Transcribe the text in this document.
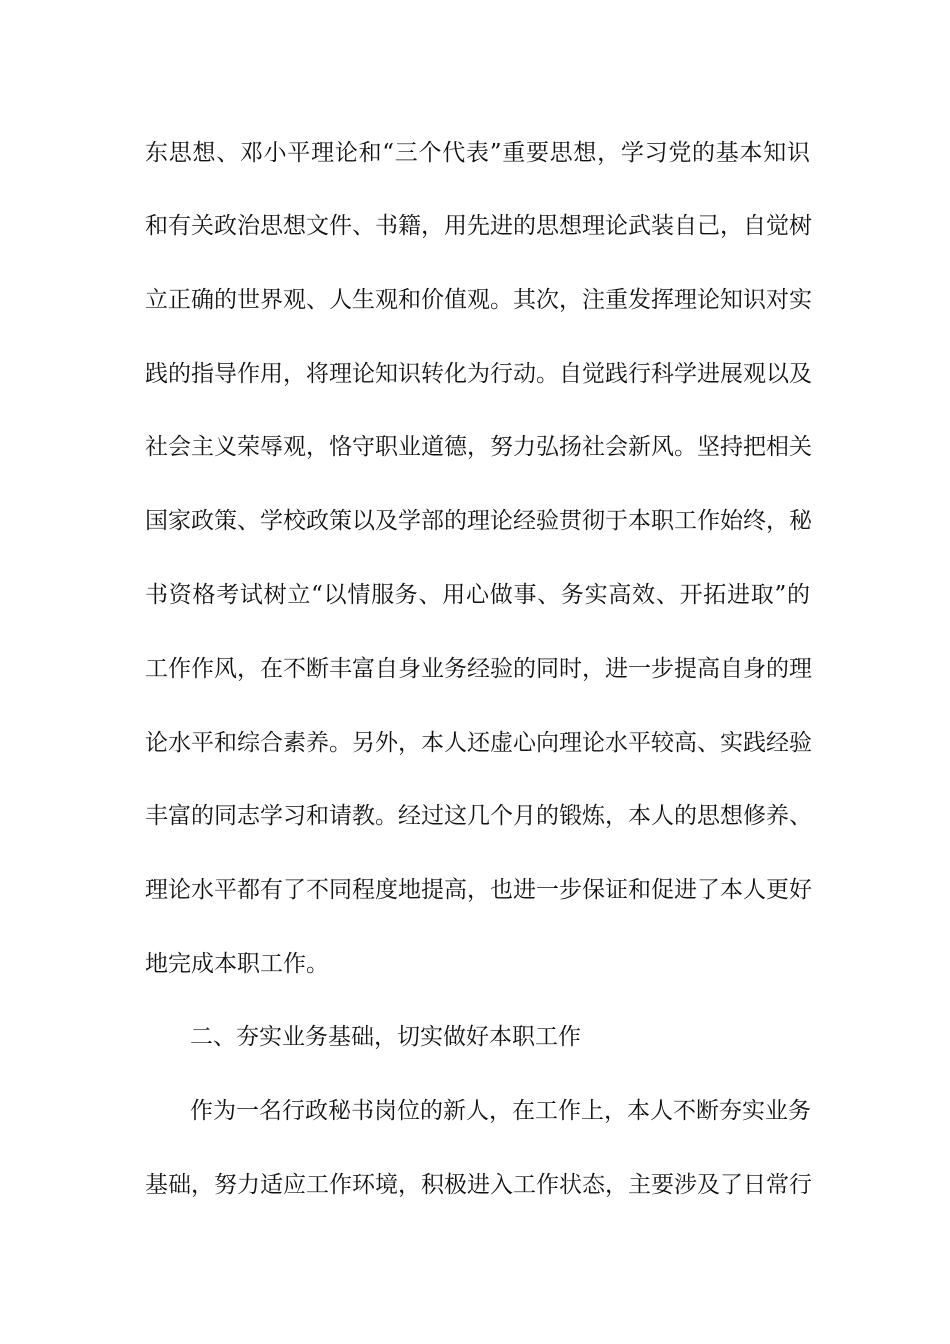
东思想、邓小平理论和“三个代表”重要思想，学习党的基本知识
和有关政治思想文件、书籍，用先进的思想理论武装自己，自觉树
立正确的世界观、人生观和价值观。其次，注重发挥理论知识对实
践的指导作用，将理论知识转化为行动。自觉践行科学进展观以及
社会主义荣辱观，恪守职业道德，努力弘扬社会新风。坚持把相关
国家政策、学校政策以及学部的理论经验贯彻于本职工作始终，秘
书资格考试树立“以情服务、用心做事、务实高效、开拓进取”的
工作作风，在不断丰富自身业务经验的同时，进一步提高自身的理
论水平和综合素养。另外，本人还虚心向理论水平较高、实践经验
丰富的同志学习和请教。经过这几个月的锻炼，本人的思想修养、
理论水平都有了不同程度地提高，也进一步保证和促进了本人更好
地完成本职工作。
二、夯实业务基础，切实做好本职工作
作为一名行政秘书岗位的新人，在工作上，本人不断夯实业务
基础，努力适应工作环境，积极进入工作状态，主要涉及了日常行
